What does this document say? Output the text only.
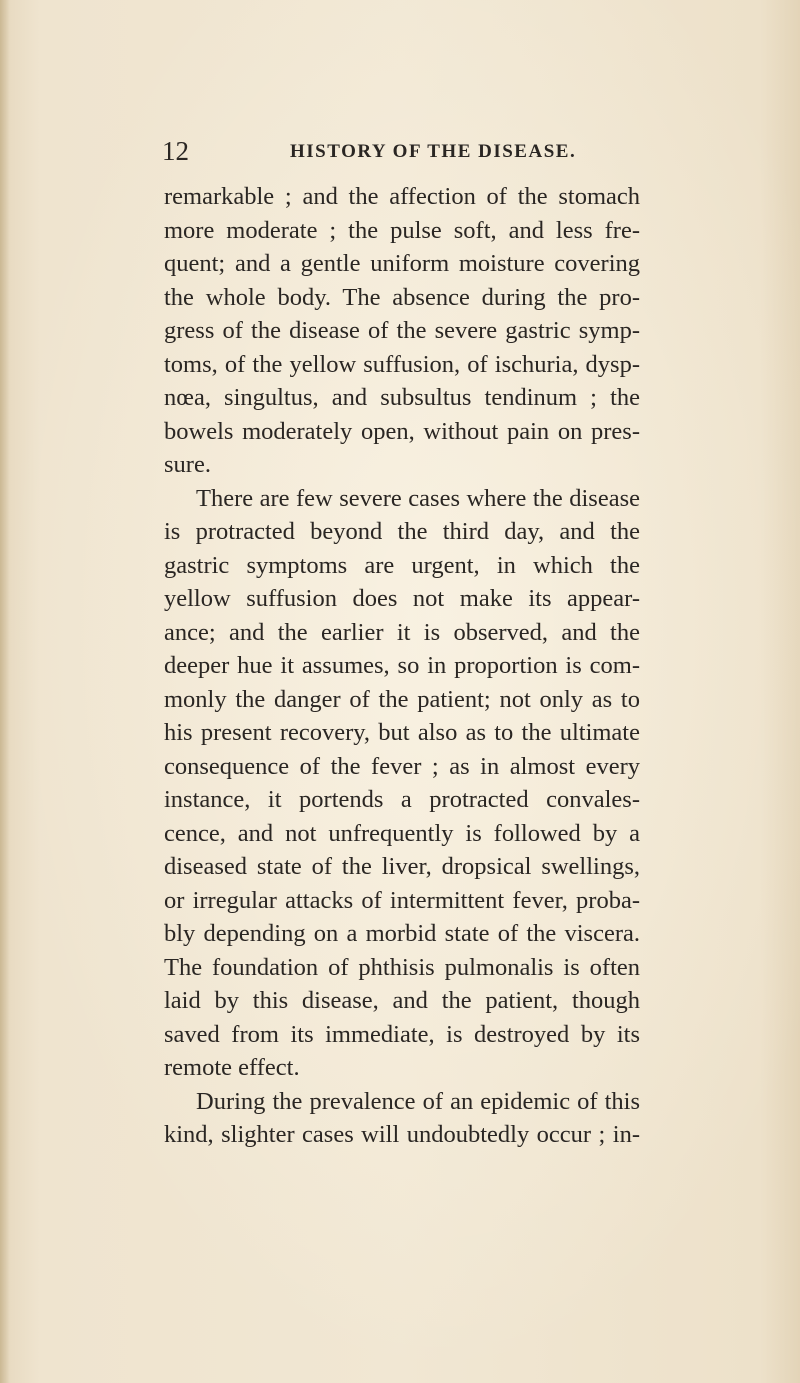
12	HISTORY OF THE DISEASE.
remarkable ; and the affection of the stomach
more moderate ; the pulse soft, and less fre-
quent; and a gentle uniform moisture covering
the whole body. The absence during the pro-
gress of the disease of the severe gastric symp-
toms, of the yellow suffusion, of ischuria, dysp-
nœa, singultus, and subsultus tendinum ; the
bowels moderately open, without pain on pres-
sure.
There are few severe cases where the disease
is protracted beyond the third day, and the
gastric symptoms are urgent, in which the
yellow suffusion does not make its appear-
ance; and the earlier it is observed, and the
deeper hue it assumes, so in proportion is com-
monly the danger of the patient; not only as to
his present recovery, but also as to the ultimate
consequence of the fever ; as in almost every
instance, it portends a protracted convales-
cence, and not unfrequently is followed by a
diseased state of the liver, dropsical swellings,
or irregular attacks of intermittent fever, proba-
bly depending on a morbid state of the viscera.
The foundation of phthisis pulmonalis is often
laid by this disease, and the patient, though
saved from its immediate, is destroyed by its
remote effect.
During the prevalence of an epidemic of this
kind, slighter cases will undoubtedly occur ; in-
